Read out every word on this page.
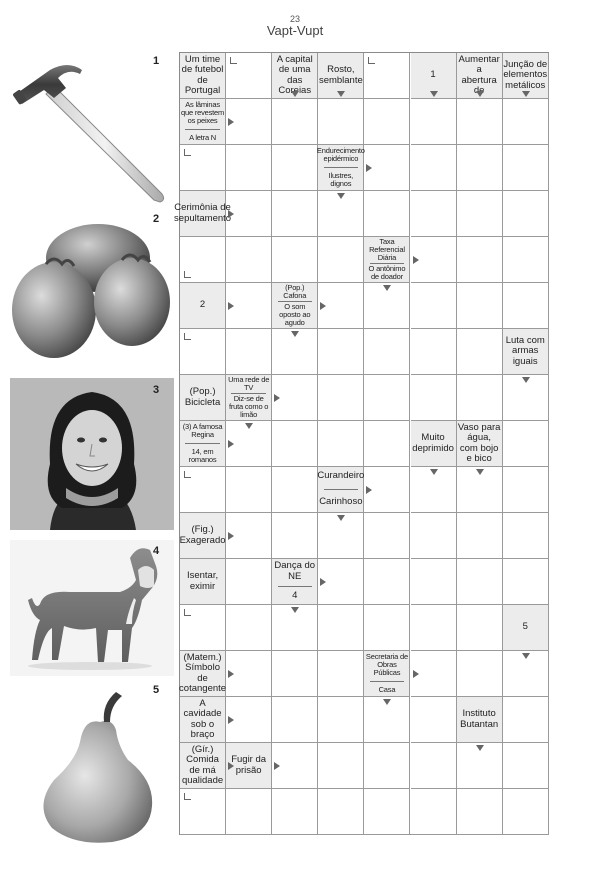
23
Vapt-Vupt
1
2
3
4
5
Um time de futebol de Portugal
A capital de uma das Coreias
Rosto, semblante	1
Aumentar a abertura de
Junção de elementos metálicos
As lâminas que revestem os peixes
A letra N
Endurecimento epidérmico
Ilustres, dignos
Cerimônia de sepultamento
Taxa Referencial Diária
O antônimo de doador
2
(Pop.) Cafona
O som oposto ao agudo
Luta com armas iguais
(Pop.) Bicicleta
Uma rede de TV
Diz-se de fruta como o limão
(3) A famosa Regina
14, em romanos
Muito deprimido
Vaso para água, com bojo e bico
Curandeiro
Carinhoso
(Fig.) Exagerado
Isentar, eximir
Dança do NE
4
5
(Matem.) Símbolo de cotangente
Secretaria de Obras Públicas
Casa
A cavidade sob o braço
Instituto Butantan
(Gír.) Comida de má qualidade
Fugir da prisão
